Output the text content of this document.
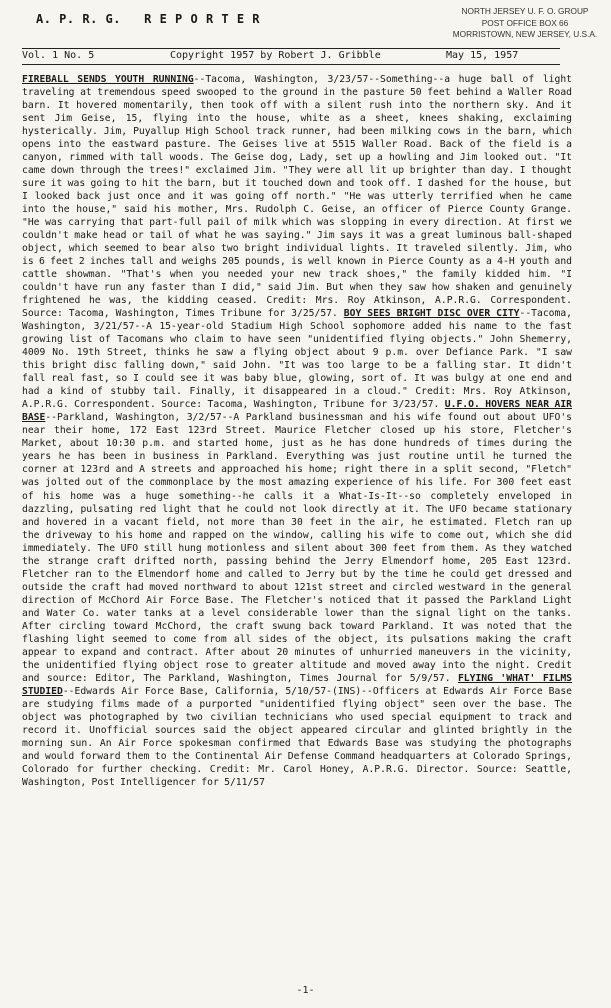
A. P. R. G.   R E P O R T E R
NORTH JERSEY U. F. O. GROUP
POST OFFICE BOX 66
MORRISTOWN, NEW JERSEY, U.S.A.
Vol. 1 No. 5	Copyright 1957 by Robert J. Gribble	May 15, 1957
FIREBALL SENDS YOUTH RUNNING--Tacoma, Washington, 3/23/57--Something--a huge ball of light traveling at tremendous speed swooped to the ground in the pasture 50 feet behind a Waller Road barn. It hovered momentarily, then took off with a silent rush into the northern sky. And it sent Jim Geise, 15, flying into the house, white as a sheet, knees shaking, exclaiming hysterically. Jim, Puyallup High School track runner, had been milking cows in the barn, which opens into the eastward pasture. The Geises live at 5515 Waller Road. Back of the field is a canyon, rimmed with tall woods. The Geise dog, Lady, set up a howling and Jim looked out. "It came down through the trees!" exclaimed Jim. "They were all lit up brighter than day. I thought sure it was going to hit the barn, but it touched down and took off. I dashed for the house, but I looked back just once and it was going off north." "He was utterly terrified when he came into the house," said his mother, Mrs. Rudolph C. Geise, an officer of Pierce County Grange. "He was carrying that part-full pail of milk which was slopping in every direction. At first we couldn't make head or tail of what he was saying." Jim says it was a great luminous ball-shaped object, which seemed to bear also two bright individual lights. It traveled silently. Jim, who is 6 feet 2 inches tall and weighs 205 pounds, is well known in Pierce County as a 4-H youth and cattle showman. "That's when you needed your new track shoes," the family kidded him. "I couldn't have run any faster than I did," said Jim. But when they saw how shaken and genuinely frightened he was, the kidding ceased. Credit: Mrs. Roy Atkinson, A.P.R.G. Correspondent. Source: Tacoma, Washington, Times Tribune for 3/25/57. BOY SEES BRIGHT DISC OVER CITY--Tacoma, Washington, 3/21/57--A 15-year-old Stadium High School sophomore added his name to the fast growing list of Tacomans who claim to have seen "unidentified flying objects." John Shemerry, 4009 No. 19th Street, thinks he saw a flying object about 9 p.m. over Defiance Park. "I saw this bright disc falling down," said John. "It was too large to be a falling star. It didn't fall real fast, so I could see it was baby blue, glowing, sort of. It was bulgy at one end and had a kind of stubby tail. Finally, it disappeared in a cloud." Credit: Mrs. Roy Atkinson, A.P.R.G. Correspondent. Source: Tacoma, Washington, Tribune for 3/23/57. U.F.O. HOVERS NEAR AIR BASE--Parkland, Washington, 3/2/57--A Parkland businessman and his wife found out about UFO's near their home, 172 East 123rd Street. Maurice Fletcher closed up his store, Fletcher's Market, about 10:30 p.m. and started home, just as he has done hundreds of times during the years he has been in business in Parkland. Everything was just routine until he turned the corner at 123rd and A streets and approached his home; right there in a split second, "Fletch" was jolted out of the commonplace by the most amazing experience of his life. For 300 feet east of his home was a huge something--he calls it a What-Is-It--so completely enveloped in dazzling, pulsating red light that he could not look directly at it. The UFO became stationary and hovered in a vacant field, not more than 30 feet in the air, he estimated. Fletch ran up the driveway to his home and rapped on the window, calling his wife to come out, which she did immediately. The UFO still hung motionless and silent about 300 feet from them. As they watched the strange craft drifted north, passing behind the Jerry Elmendorf home, 205 East 123rd. Fletcher ran to the Elmendorf home and called to Jerry but by the time he could get dressed and outside the craft had moved northward to about 121st street and circled westward in the general direction of McChord Air Force Base. The Fletcher's noticed that it passed the Parkland Light and Water Co. water tanks at a level considerable lower than the signal light on the tanks. After circling toward McChord, the craft swung back toward Parkland. It was noted that the flashing light seemed to come from all sides of the object, its pulsations making the craft appear to expand and contract. After about 20 minutes of unhurried maneuvers in the vicinity, the unidentified flying object rose to greater altitude and moved away into the night. Credit and source: Editor, The Parkland, Washington, Times Journal for 5/9/57. FLYING 'WHAT' FILMS STUDIED--Edwards Air Force Base, California, 5/10/57-(INS)--Officers at Edwards Air Force Base are studying films made of a purported "unidentified flying object" seen over the base. The object was photographed by two civilian technicians who used special equipment to track and record it. Unofficial sources said the object appeared circular and glinted brightly in the morning sun. An Air Force spokesman confirmed that Edwards Base was studying the photographs and would forward them to the Continental Air Defense Command headquarters at Colorado Springs, Colorado for further checking. Credit: Mr. Carol Honey, A.P.R.G. Director. Source: Seattle, Washington, Post Intelligencer for 5/11/57
-1-
